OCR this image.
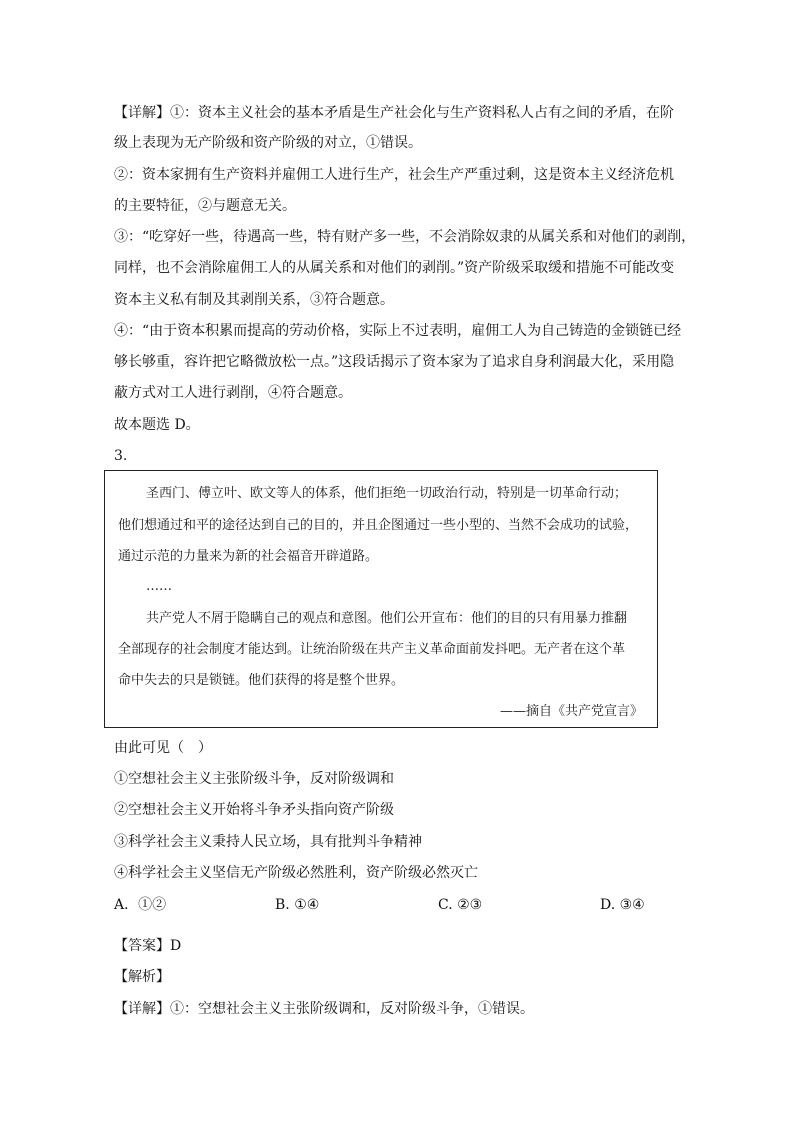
【详解】①：资本主义社会的基本矛盾是生产社会化与生产资料私人占有之间的矛盾，在阶
级上表现为无产阶级和资产阶级的对立，①错误。
②：资本家拥有生产资料并雇佣工人进行生产，社会生产严重过剩，这是资本主义经济危机
的主要特征，②与题意无关。
③：“吃穿好一些，待遇高一些，特有财产多一些，不会消除奴隶的从属关系和对他们的剥削，
同样，也不会消除雇佣工人的从属关系和对他们的剥削。”资产阶级采取缓和措施不可能改变
资本主义私有制及其剥削关系，③符合题意。
④：“由于资本积累而提高的劳动价格，实际上不过表明，雇佣工人为自己铸造的金锁链已经
够长够重，容许把它略微放松一点。”这段话揭示了资本家为了追求自身利润最大化，采用隐
蔽方式对工人进行剥削，④符合题意。
故本题选 D。
3.
圣西门、傅立叶、欧文等人的体系，他们拒绝一切政治行动，特别是一切革命行动；
他们想通过和平的途径达到自己的目的，并且企图通过一些小型的、当然不会成功的试验，
通过示范的力量来为新的社会福音开辟道路。
……
共产党人不屑于隐瞒自己的观点和意图。他们公开宣布：他们的目的只有用暴力推翻
全部现存的社会制度才能达到。让统治阶级在共产主义革命面前发抖吧。无产者在这个革
命中失去的只是锁链。他们获得的将是整个世界。
——摘自《共产党宣言》
由此可见（　）
①空想社会主义主张阶级斗争，反对阶级调和
②空想社会主义开始将斗争矛头指向资产阶级
③科学社会主义秉持人民立场，具有批判斗争精神
④科学社会主义坚信无产阶级必然胜利，资产阶级必然灭亡
A．①②	B. ①④	C. ②③	D. ③④
【答案】D
【解析】
【详解】①：空想社会主义主张阶级调和，反对阶级斗争，①错误。
